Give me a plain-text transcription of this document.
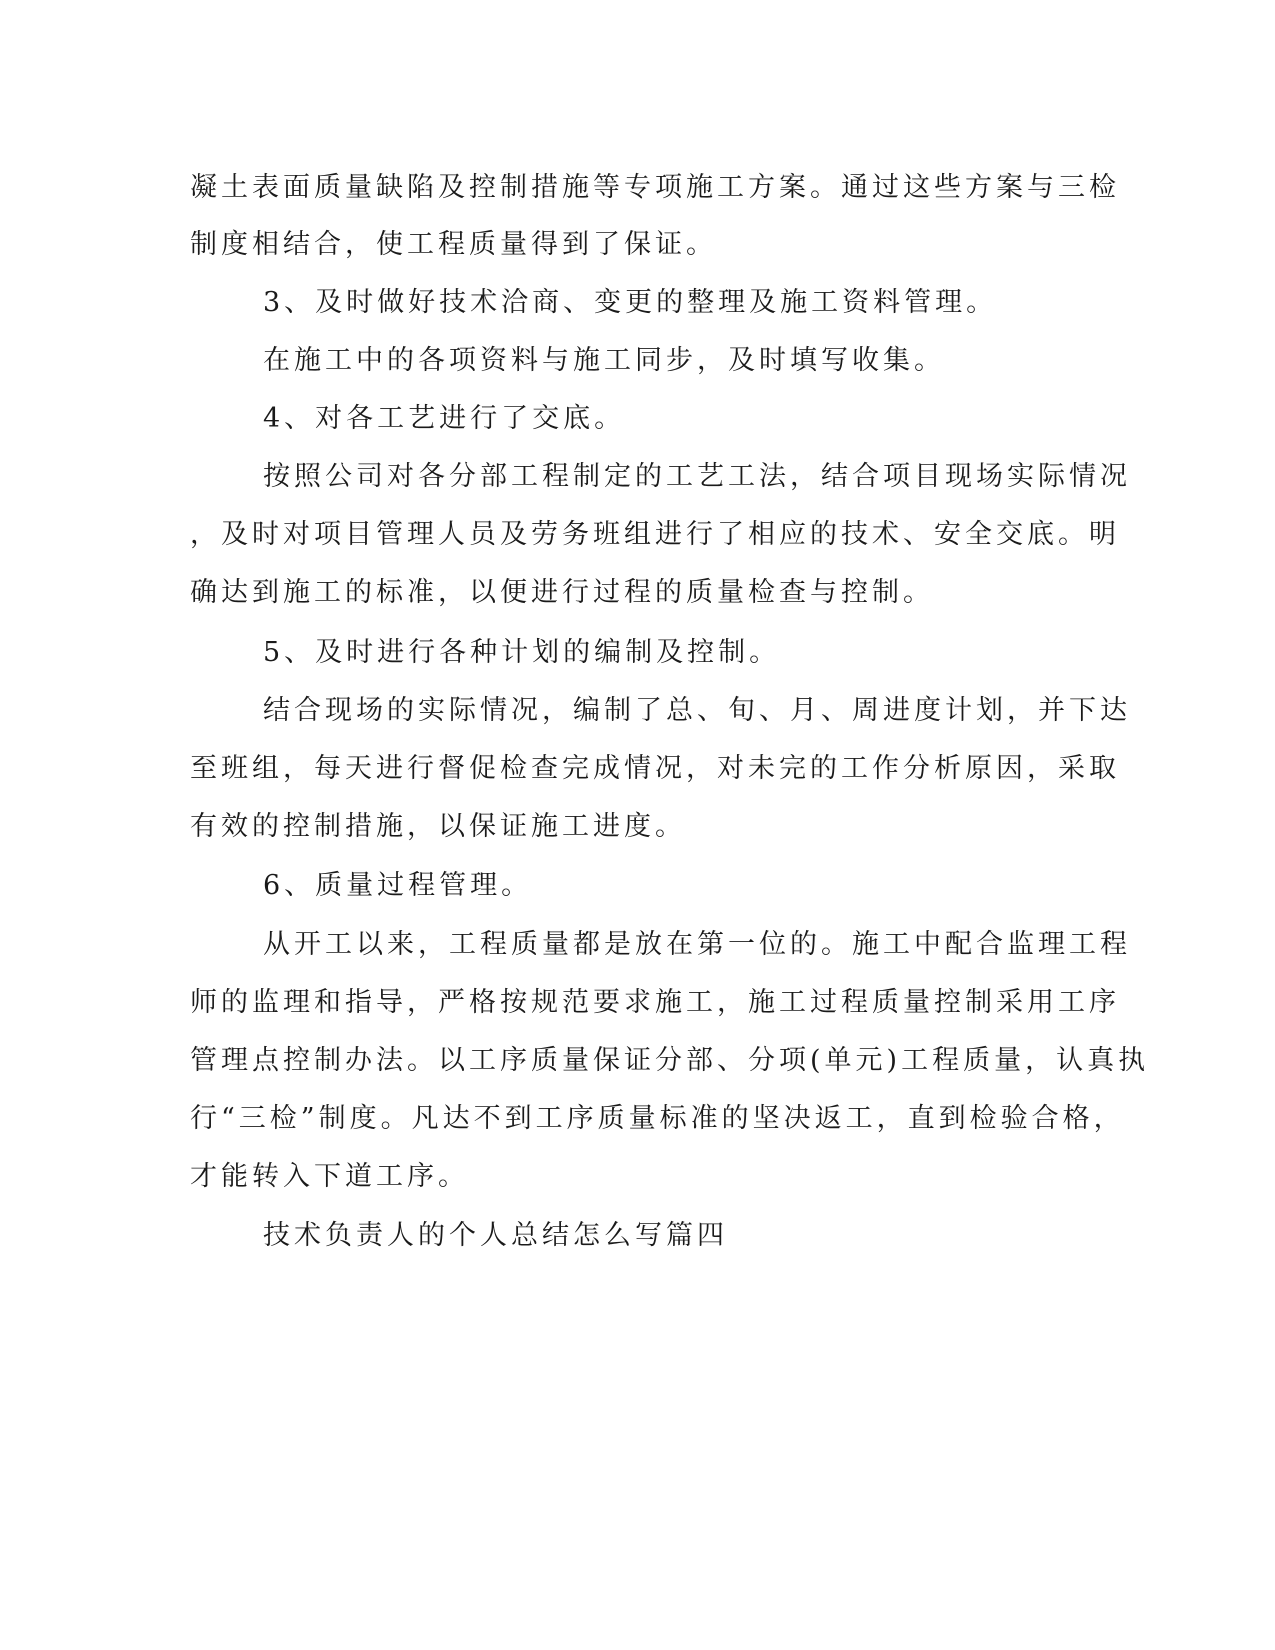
凝土表面质量缺陷及控制措施等专项施工方案。通过这些方案与三检
制度相结合，使工程质量得到了保证。
3、及时做好技术洽商、变更的整理及施工资料管理。
在施工中的各项资料与施工同步，及时填写收集。
4、对各工艺进行了交底。
按照公司对各分部工程制定的工艺工法，结合项目现场实际情况
，及时对项目管理人员及劳务班组进行了相应的技术、安全交底。明
确达到施工的标准，以便进行过程的质量检查与控制。
5、及时进行各种计划的编制及控制。
结合现场的实际情况，编制了总、旬、月、周进度计划，并下达
至班组，每天进行督促检查完成情况，对未完的工作分析原因，采取
有效的控制措施，以保证施工进度。
6、质量过程管理。
从开工以来，工程质量都是放在第一位的。施工中配合监理工程
师的监理和指导，严格按规范要求施工，施工过程质量控制采用工序
管理点控制办法。以工序质量保证分部、分项(单元)工程质量，认真执
行“三检”制度。凡达不到工序质量标准的坚决返工，直到检验合格，
才能转入下道工序。
技术负责人的个人总结怎么写篇四
